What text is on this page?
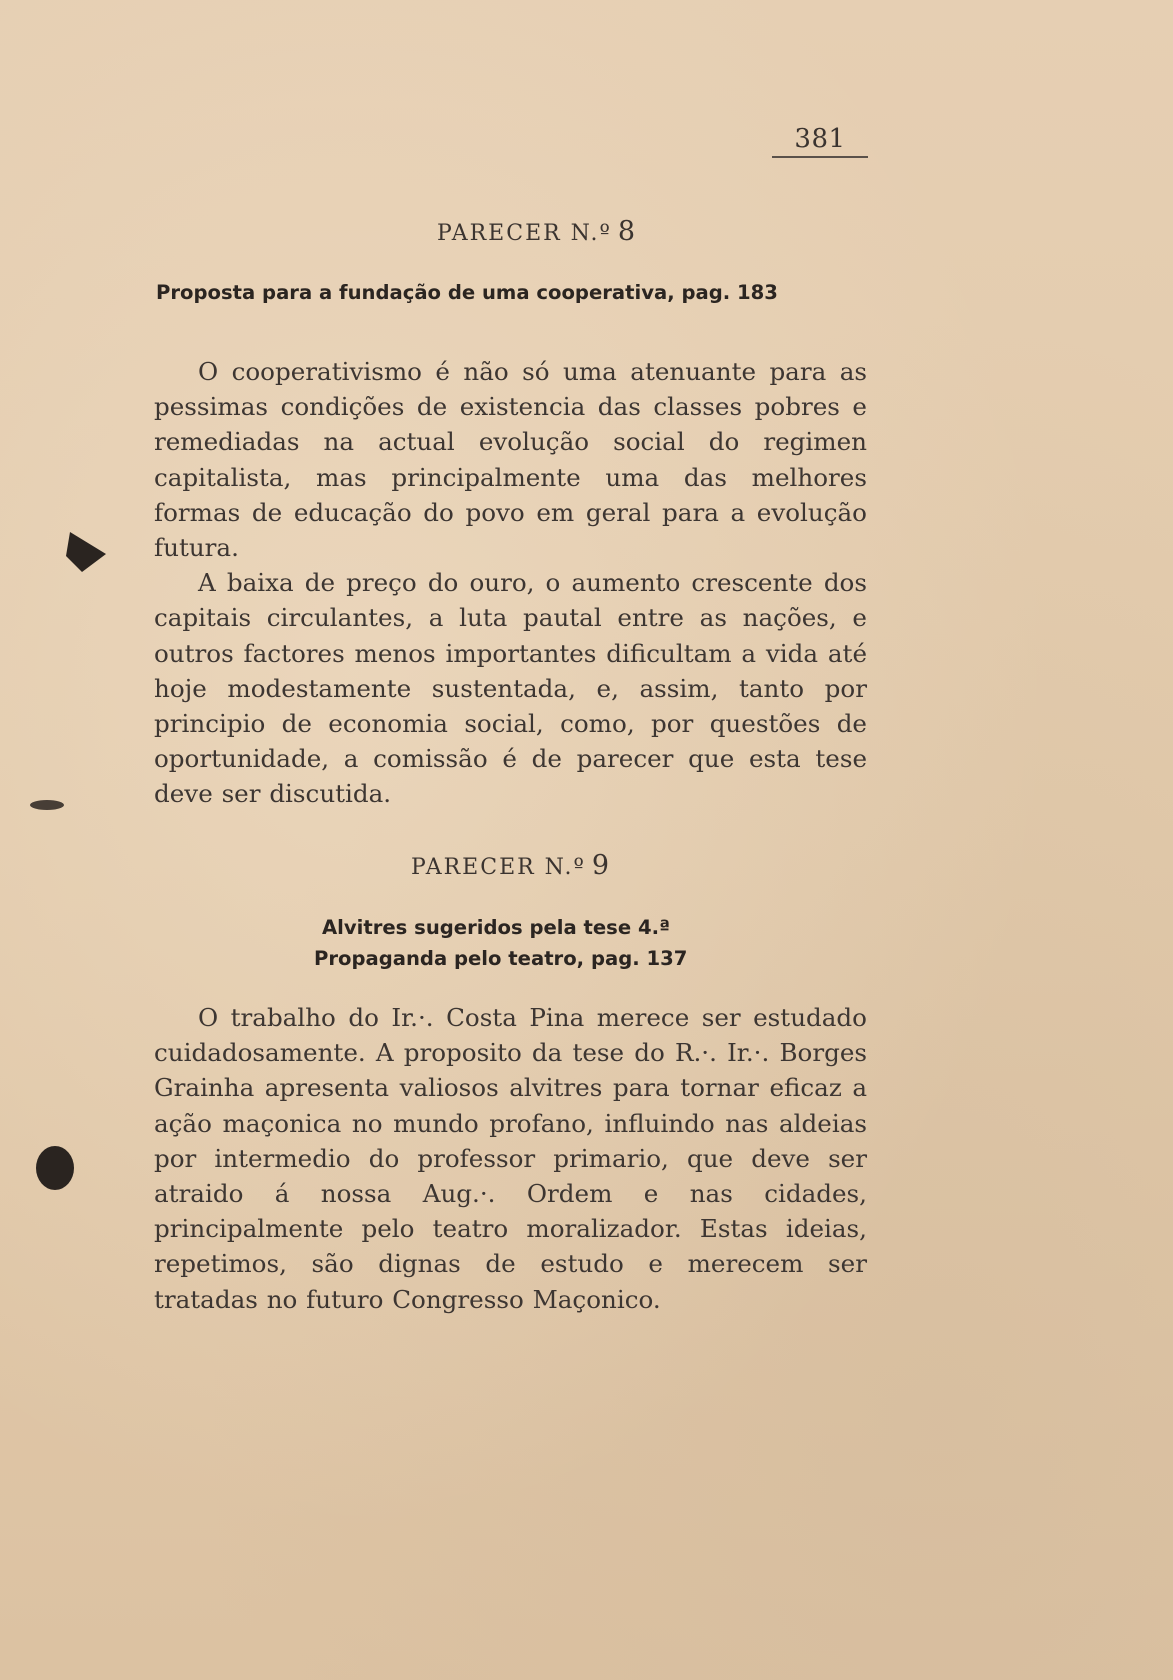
381
PARECER N.º 8
Proposta para a fundação de uma cooperativa, pag. 183

O cooperativismo é não só uma atenuante para as pessimas condições de existencia das classes pobres e remediadas na actual evolução social do regimen capitalista, mas principalmente uma das melhores formas de educação do povo em geral para a evolução futura.

A baixa de preço do ouro, o aumento crescente dos capitais circulantes, a luta pautal entre as nações, e outros factores menos importantes dificultam a vida até hoje modestamente sustentada, e, assim, tanto por principio de economia social, como, por questões de oportunidade, a comissão é de parecer que esta tese deve ser discutida.

PARECER N.º 9
Alvitres sugeridos pela tese 4.ª
Propaganda pelo teatro, pag. 137

O trabalho do Ir.·. Costa Pina merece ser estudado cuidadosamente. A proposito da tese do R.·. Ir.·. Borges Grainha apresenta valiosos alvitres para tornar eficaz a ação maçonica no mundo profano, influindo nas aldeias por intermedio do professor primario, que deve ser atraido á nossa Aug.·. Ordem e nas cidades, principalmente pelo teatro moralizador. Estas ideias, repetimos, são dignas de estudo e merecem ser tratadas no futuro Congresso Maçonico.
